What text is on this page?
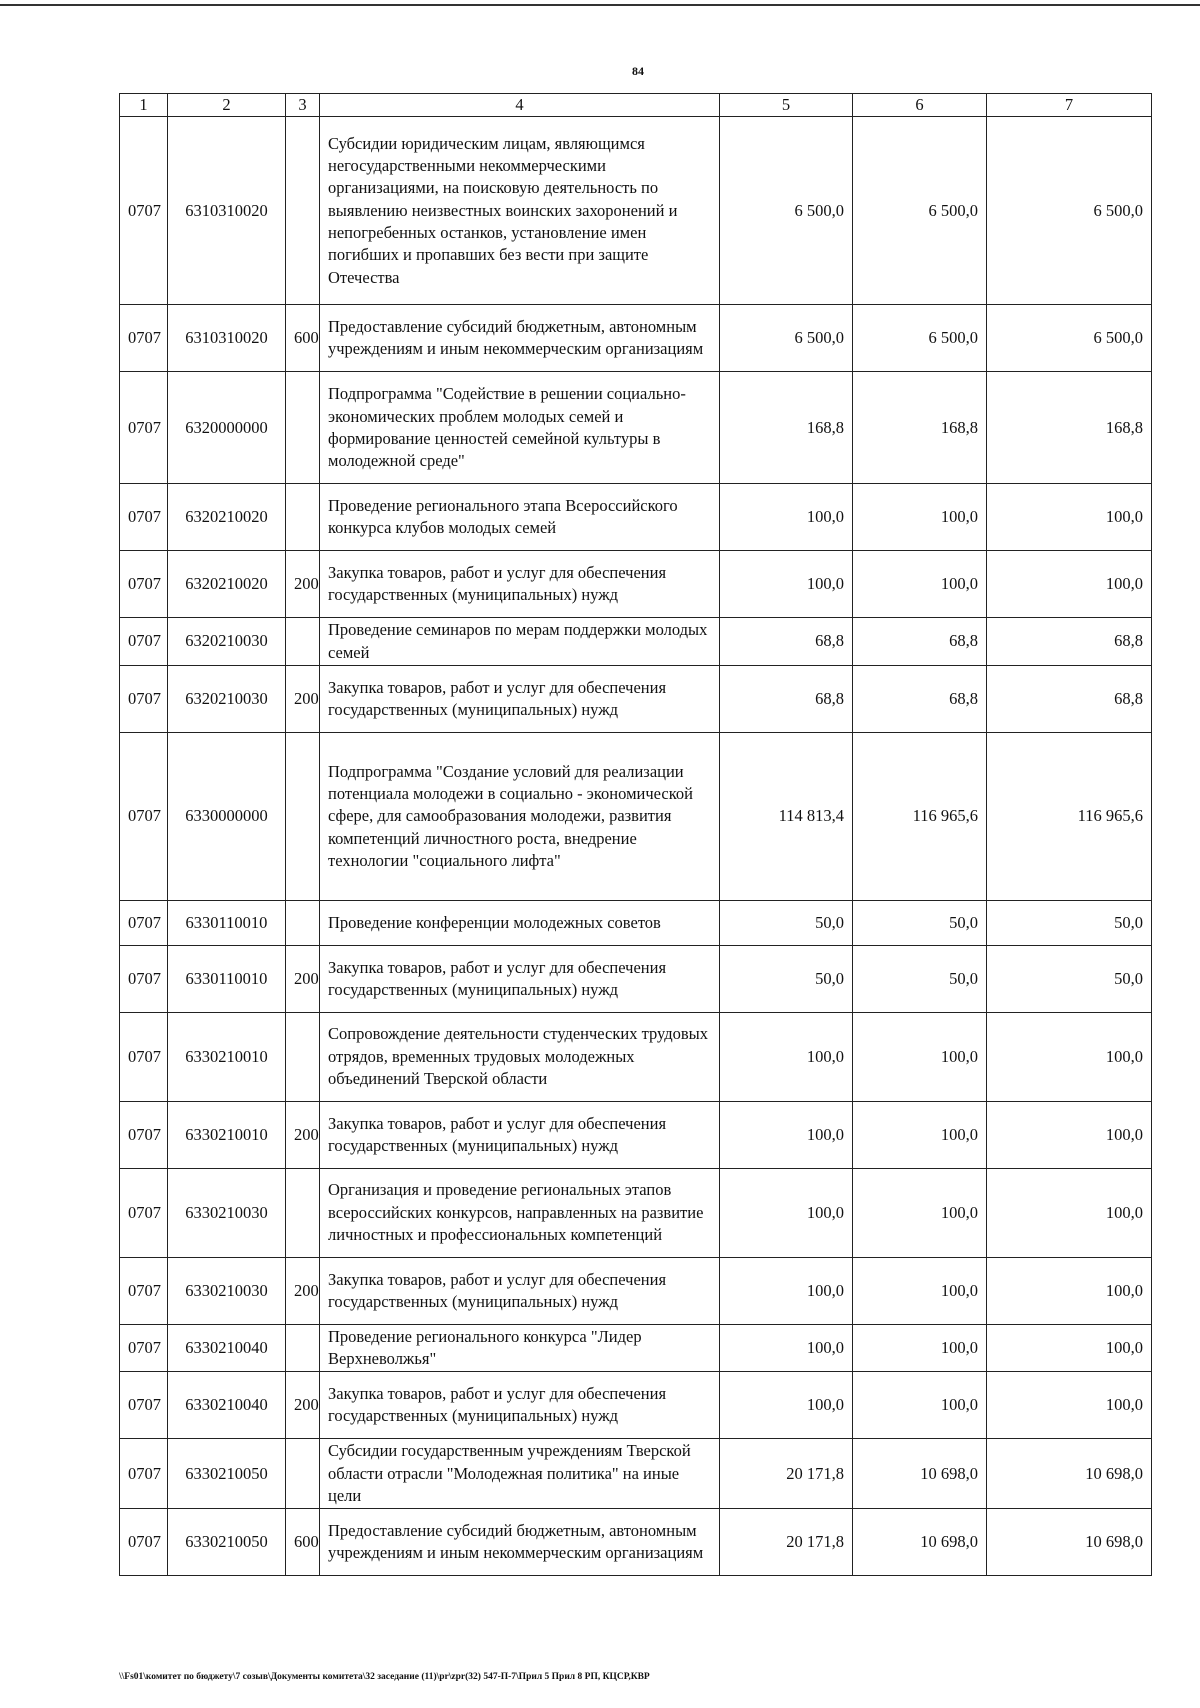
84
1	2	3	4	5	6	7
0707	6310310020		Субсидии юридическим лицам, являющимся негосударственными некоммерческими организациями, на поисковую деятельность по выявлению неизвестных воинских захоронений и непогребенных останков, установление имен погибших и пропавших без вести при защите Отечества	6 500,0	6 500,0	6 500,0
0707	6310310020	600	Предоставление субсидий бюджетным, автономным учреждениям и иным некоммерческим организациям	6 500,0	6 500,0	6 500,0
0707	6320000000		Подпрограмма "Содействие в решении социально-экономических проблем молодых семей и формирование ценностей семейной культуры в молодежной среде"	168,8	168,8	168,8
0707	6320210020		Проведение регионального этапа Всероссийского конкурса клубов молодых семей	100,0	100,0	100,0
0707	6320210020	200	Закупка товаров, работ и услуг для обеспечения государственных (муниципальных) нужд	100,0	100,0	100,0
0707	6320210030		Проведение семинаров по мерам поддержки молодых семей	68,8	68,8	68,8
0707	6320210030	200	Закупка товаров, работ и услуг для обеспечения государственных (муниципальных) нужд	68,8	68,8	68,8
0707	6330000000		Подпрограмма "Создание условий для реализации потенциала молодежи в социально - экономической сфере, для самообразования молодежи, развития компетенций личностного роста, внедрение технологии "социального лифта"	114 813,4	116 965,6	116 965,6
0707	6330110010		Проведение конференции молодежных советов	50,0	50,0	50,0
0707	6330110010	200	Закупка товаров, работ и услуг для обеспечения государственных (муниципальных) нужд	50,0	50,0	50,0
0707	6330210010		Сопровождение деятельности студенческих трудовых отрядов, временных трудовых молодежных объединений Тверской области	100,0	100,0	100,0
0707	6330210010	200	Закупка товаров, работ и услуг для обеспечения государственных (муниципальных) нужд	100,0	100,0	100,0
0707	6330210030		Организация и проведение региональных этапов всероссийских конкурсов, направленных на развитие личностных и профессиональных компетенций	100,0	100,0	100,0
0707	6330210030	200	Закупка товаров, работ и услуг для обеспечения государственных (муниципальных) нужд	100,0	100,0	100,0
0707	6330210040		Проведение регионального конкурса "Лидер Верхневолжья"	100,0	100,0	100,0
0707	6330210040	200	Закупка товаров, работ и услуг для обеспечения государственных (муниципальных) нужд	100,0	100,0	100,0
0707	6330210050		Субсидии государственным учреждениям Тверской области отрасли "Молодежная политика" на иные цели	20 171,8	10 698,0	10 698,0
0707	6330210050	600	Предоставление субсидий бюджетным, автономным учреждениям и иным некоммерческим организациям	20 171,8	10 698,0	10 698,0
\\Fs01\комитет по бюджету\7 созыв\Документы комитета\32 заседание (11)\pr\zpr(32) 547-П-7\Прил 5 Прил 8 РП, КЦСР,КВР
